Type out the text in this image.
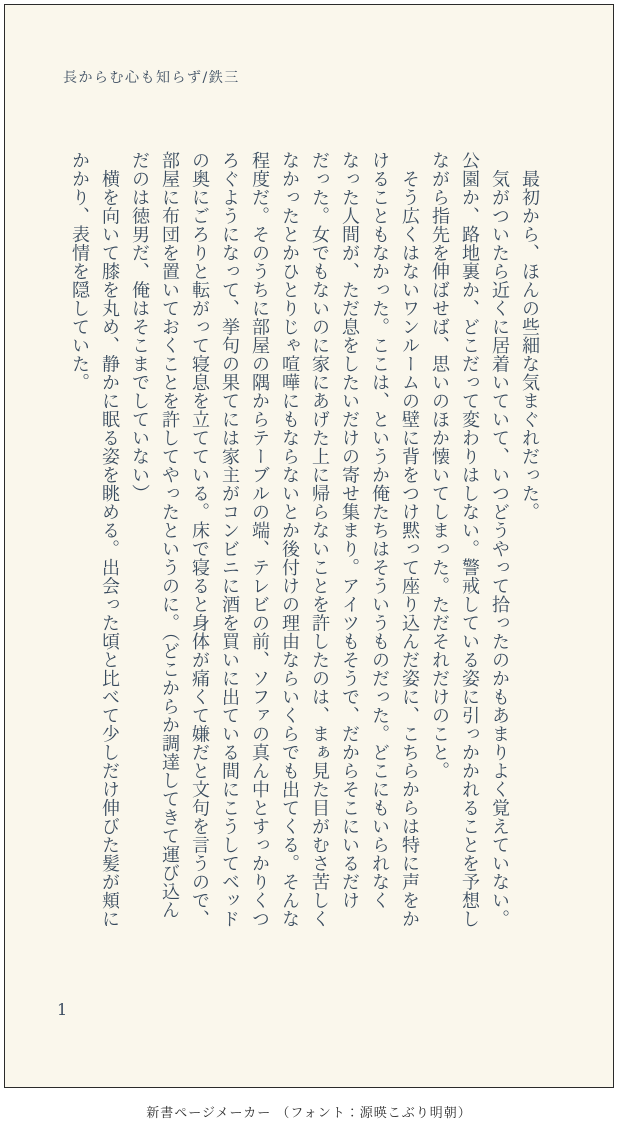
長からむ心も知らず/鉄三
　最初から、ほんの些細な気まぐれだった。
　気がついたら近くに居着いていて、いつどうやって拾ったのかもあまりよく覚えていない。
公園か、路地裏か、どこだって変わりはしない。警戒している姿に引っかかれることを予想し
ながら指先を伸ばせば、思いのほか懐いてしまった。ただそれだけのこと。
　そう広くはないワンルームの壁に背をつけ黙って座り込んだ姿に、こちらからは特に声をか
けることもなかった。ここは、というか俺たちはそういうものだった。どこにもいられなく
なった人間が、ただ息をしたいだけの寄せ集まり。アイツもそうで、だからそこにいるだけ
だった。女でもないのに家にあげた上に帰らないことを許したのは、まぁ見た目がむさ苦しく
なかったとかひとりじゃ喧嘩にもならないとか後付けの理由ならいくらでも出てくる。そんな
程度だ。そのうちに部屋の隅からテーブルの端、テレビの前、ソファの真ん中とすっかりくつ
ろぐようになって、挙句の果てには家主がコンビニに酒を買いに出ている間にこうしてベッド
の奥にごろりと転がって寝息を立てている。床で寝ると身体が痛くて嫌だと文句を言うので、
部屋に布団を置いておくことを許してやったというのに。（どこからか調達してきて運び込ん
だのは徳男だ、俺はそこまでしていない）
　横を向いて膝を丸め、静かに眠る姿を眺める。出会った頃と比べて少しだけ伸びた髪が頬に
かかり、表情を隠していた。
1
新書ページメーカー （フォント：源暎こぶり明朝）
